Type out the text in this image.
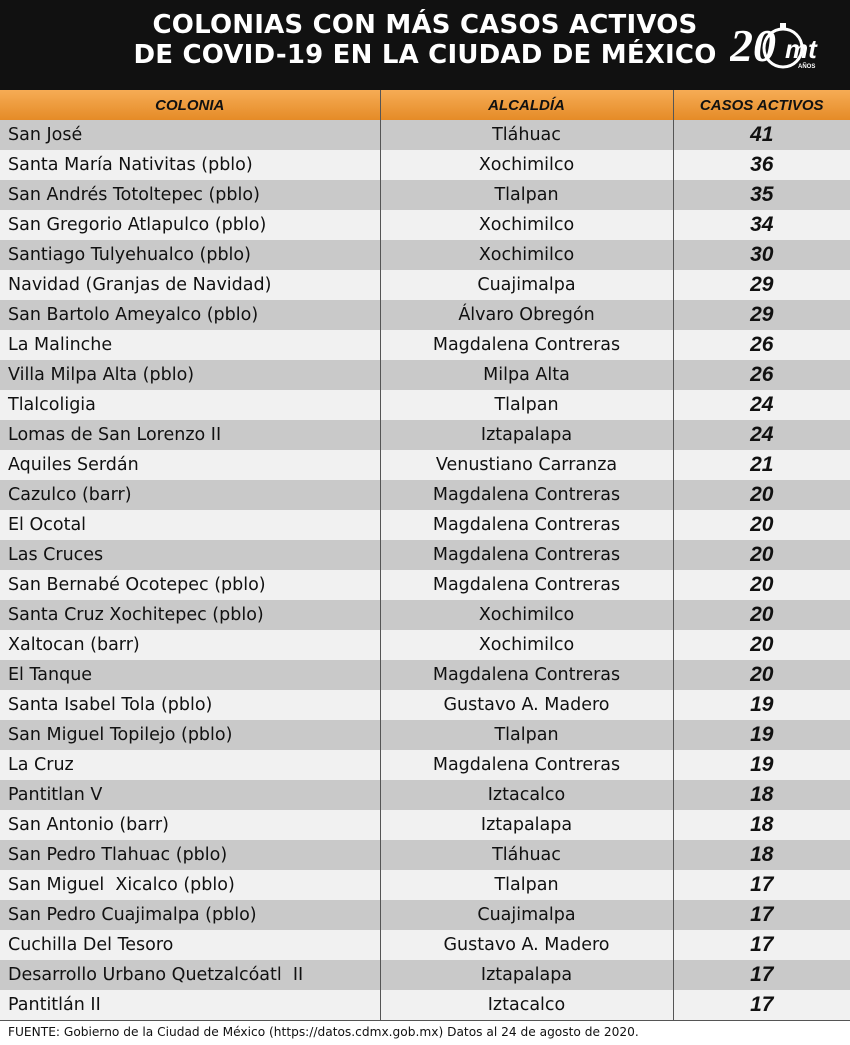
COLONIAS CON MÁS CASOS ACTIVOS
DE COVID-19 EN LA CIUDAD DE MÉXICO 20 mt
AÑOS
COLONIA	ALCALDÍA	CASOS ACTIVOS
San José	Tláhuac	41
Santa María Nativitas (pblo)	Xochimilco	36
San Andrés Totoltepec (pblo)	Tlalpan	35
San Gregorio Atlapulco (pblo)	Xochimilco	34
Santiago Tulyehualco (pblo)	Xochimilco	30
Navidad (Granjas de Navidad)	Cuajimalpa	29
San Bartolo Ameyalco (pblo)	Álvaro Obregón	29
La Malinche	Magdalena Contreras	26
Villa Milpa Alta (pblo)	Milpa Alta	26
Tlalcoligia	Tlalpan	24
Lomas de San Lorenzo II	Iztapalapa	24
Aquiles Serdán	Venustiano Carranza	21
Cazulco (barr)	Magdalena Contreras	20
El Ocotal	Magdalena Contreras	20
Las Cruces	Magdalena Contreras	20
San Bernabé Ocotepec (pblo)	Magdalena Contreras	20
Santa Cruz Xochitepec (pblo)	Xochimilco	20
Xaltocan (barr)	Xochimilco	20
El Tanque	Magdalena Contreras	20
Santa Isabel Tola (pblo)	Gustavo A. Madero	19
San Miguel Topilejo (pblo)	Tlalpan	19
La Cruz	Magdalena Contreras	19
Pantitlan V	Iztacalco	18
San Antonio (barr)	Iztapalapa	18
San Pedro Tlahuac (pblo)	Tláhuac	18
San Miguel  Xicalco (pblo)	Tlalpan	17
San Pedro Cuajimalpa (pblo)	Cuajimalpa	17
Cuchilla Del Tesoro	Gustavo A. Madero	17
Desarrollo Urbano Quetzalcóatl  II	Iztapalapa	17
Pantitlán II	Iztacalco	17
FUENTE: Gobierno de la Ciudad de México (https://datos.cdmx.gob.mx) Datos al 24 de agosto de 2020.
